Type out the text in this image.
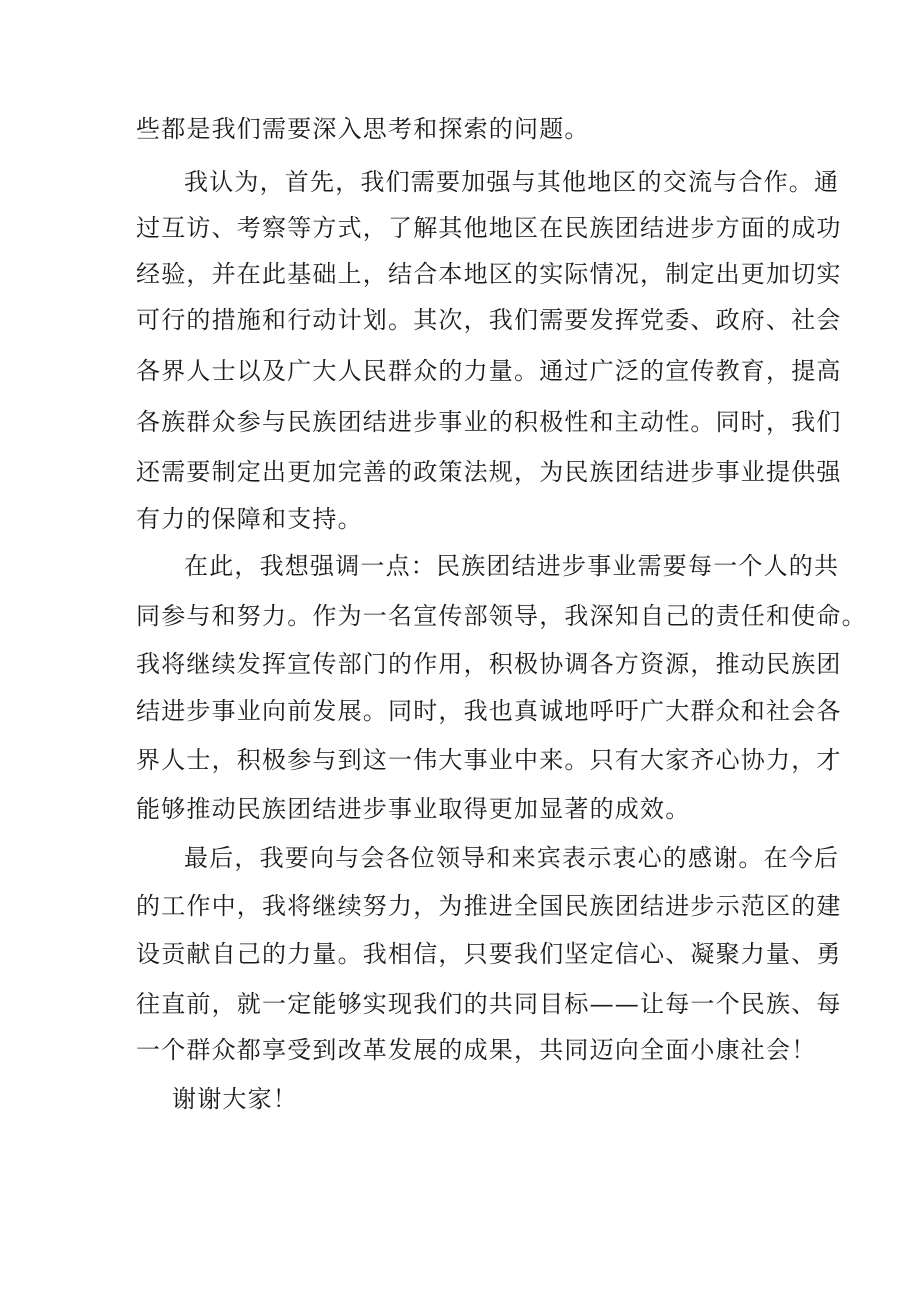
些都是我们需要深入思考和探索的问题。
我认为，首先，我们需要加强与其他地区的交流与合作。通
过互访、考察等方式，了解其他地区在民族团结进步方面的成功
经验，并在此基础上，结合本地区的实际情况，制定出更加切实
可行的措施和行动计划。其次，我们需要发挥党委、政府、社会
各界人士以及广大人民群众的力量。通过广泛的宣传教育，提高
各族群众参与民族团结进步事业的积极性和主动性。同时，我们
还需要制定出更加完善的政策法规，为民族团结进步事业提供强
有力的保障和支持。
在此，我想强调一点：民族团结进步事业需要每一个人的共
同参与和努力。作为一名宣传部领导，我深知自己的责任和使命。
我将继续发挥宣传部门的作用，积极协调各方资源，推动民族团
结进步事业向前发展。同时，我也真诚地呼吁广大群众和社会各
界人士，积极参与到这一伟大事业中来。只有大家齐心协力，才
能够推动民族团结进步事业取得更加显著的成效。
最后，我要向与会各位领导和来宾表示衷心的感谢。在今后
的工作中，我将继续努力，为推进全国民族团结进步示范区的建
设贡献自己的力量。我相信，只要我们坚定信心、凝聚力量、勇
往直前，就一定能够实现我们的共同目标——让每一个民族、每
一个群众都享受到改革发展的成果，共同迈向全面小康社会！
谢谢大家！
